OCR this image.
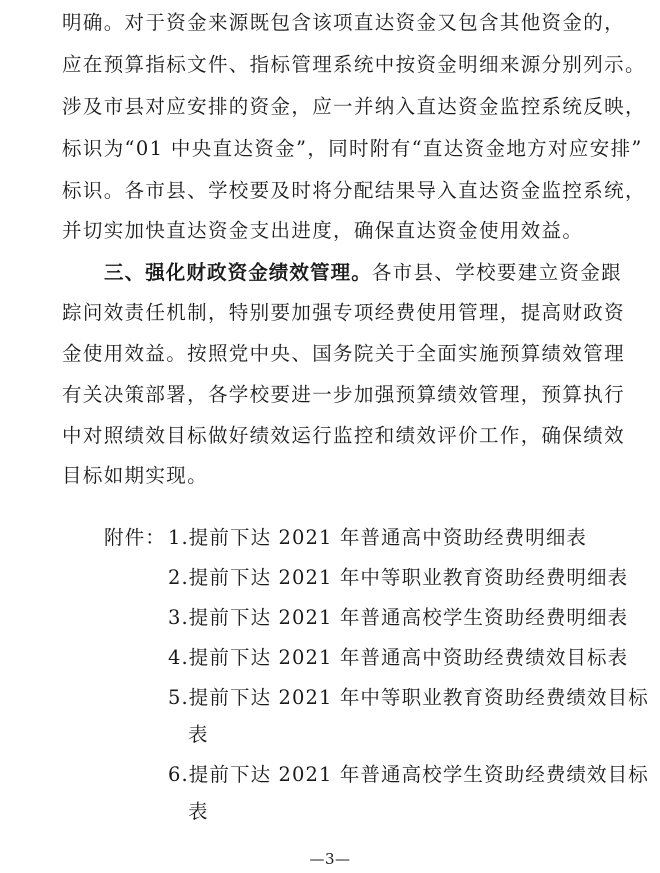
明确。对于资金来源既包含该项直达资金又包含其他资金的，
应在预算指标文件、指标管理系统中按资金明细来源分别列示。
涉及市县对应安排的资金，应一并纳入直达资金监控系统反映，
标识为“01 中央直达资金”，同时附有“直达资金地方对应安排”
标识。各市县、学校要及时将分配结果导入直达资金监控系统，
并切实加快直达资金支出进度，确保直达资金使用效益。
三、强化财政资金绩效管理。各市县、学校要建立资金跟
踪问效责任机制，特别要加强专项经费使用管理，提高财政资
金使用效益。按照党中央、国务院关于全面实施预算绩效管理
有关决策部署，各学校要进一步加强预算绩效管理，预算执行
中对照绩效目标做好绩效运行监控和绩效评价工作，确保绩效
目标如期实现。
附件： 1.提前下达 2021 年普通高中资助经费明细表
2.提前下达 2021 年中等职业教育资助经费明细表
3.提前下达 2021 年普通高校学生资助经费明细表
4.提前下达 2021 年普通高中资助经费绩效目标表
5.提前下达 2021 年中等职业教育资助经费绩效目标
表
6.提前下达 2021 年普通高校学生资助经费绩效目标
表
—3—
